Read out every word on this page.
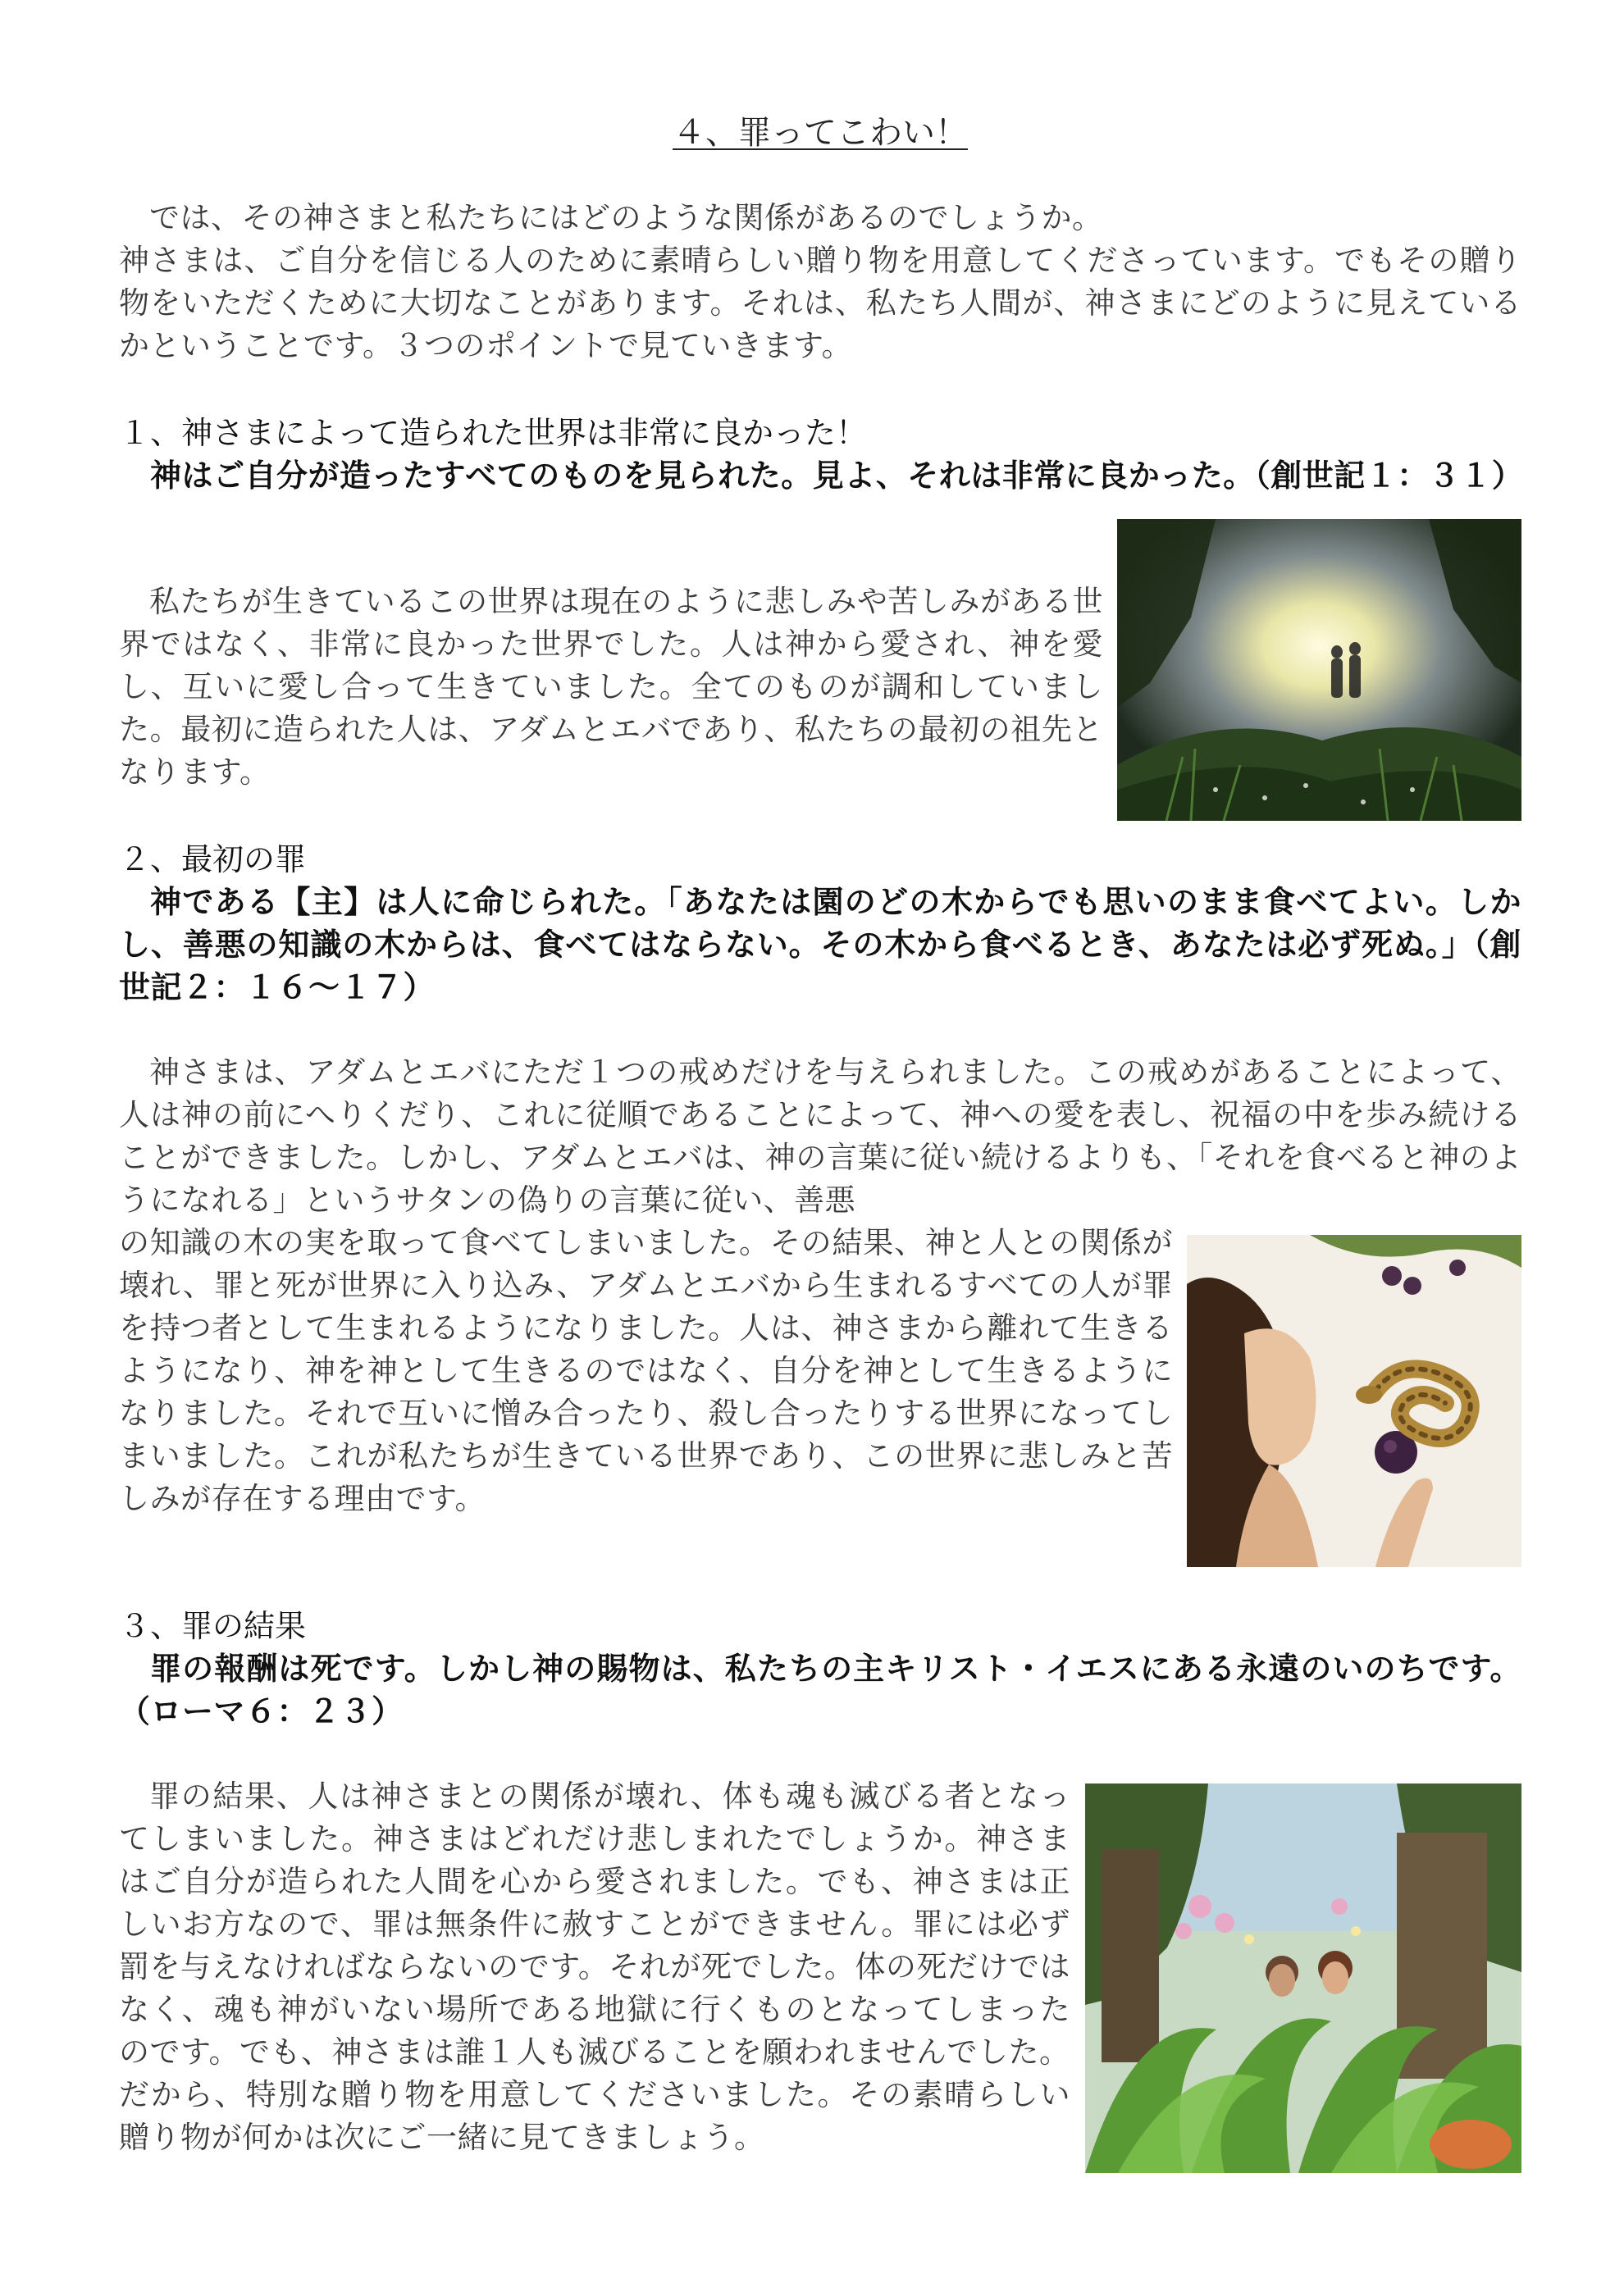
４、罪ってこわい！

では、その神さまと私たちにはどのような関係があるのでしょうか。

神さまは、ご自分を信じる人のために素晴らしい贈り物を用意してくださっています。でもその贈り物をいただくために大切なことがあります。それは、私たち人間が、神さまにどのように見えているかということです。３つのポイントで見ていきます。

１、神さまによって造られた世界は非常に良かった！

神はご自分が造ったすべてのものを見られた。見よ、それは非常に良かった。（創世記１：３１）

私たちが生きているこの世界は現在のように悲しみや苦しみがある世界ではなく、非常に良かった世界でした。人は神から愛され、神を愛し、互いに愛し合って生きていました。全てのものが調和していました。最初に造られた人は、アダムとエバであり、私たちの最初の祖先となります。

２、最初の罪

神である【主】は人に命じられた。「あなたは園のどの木からでも思いのまま食べてよい。しかし、善悪の知識の木からは、食べてはならない。その木から食べるとき、あなたは必ず死ぬ。」（創世記２：１６〜１７）

神さまは、アダムとエバにただ１つの戒めだけを与えられました。この戒めがあることによって、人は神の前にへりくだり、これに従順であることによって、神への愛を表し、祝福の中を歩み続けることができました。しかし、アダムとエバは、神の言葉に従い続けるよりも、「それを食べると神のようになれる」というサタンの偽りの言葉に従い、善悪

の知識の木の実を取って食べてしまいました。その結果、神と人との関係が壊れ、罪と死が世界に入り込み、アダムとエバから生まれるすべての人が罪を持つ者として生まれるようになりました。人は、神さまから離れて生きるようになり、神を神として生きるのではなく、自分を神として生きるようになりました。それで互いに憎み合ったり、殺し合ったりする世界になってしまいました。これが私たちが生きている世界であり、この世界に悲しみと苦しみが存在する理由です。

３、罪の結果

罪の報酬は死です。しかし神の賜物は、私たちの主キリスト・イエスにある永遠のいのちです。（ローマ６：２３）

罪の結果、人は神さまとの関係が壊れ、体も魂も滅びる者となってしまいました。神さまはどれだけ悲しまれたでしょうか。神さまはご自分が造られた人間を心から愛されました。でも、神さまは正しいお方なので、罪は無条件に赦すことができません。罪には必ず罰を与えなければならないのです。それが死でした。体の死だけではなく、魂も神がいない場所である地獄に行くものとなってしまったのです。でも、神さまは誰１人も滅びることを願われませんでした。

だから、特別な贈り物を用意してくださいました。その素晴らしい贈り物が何かは次にご一緒に見てきましょう。
